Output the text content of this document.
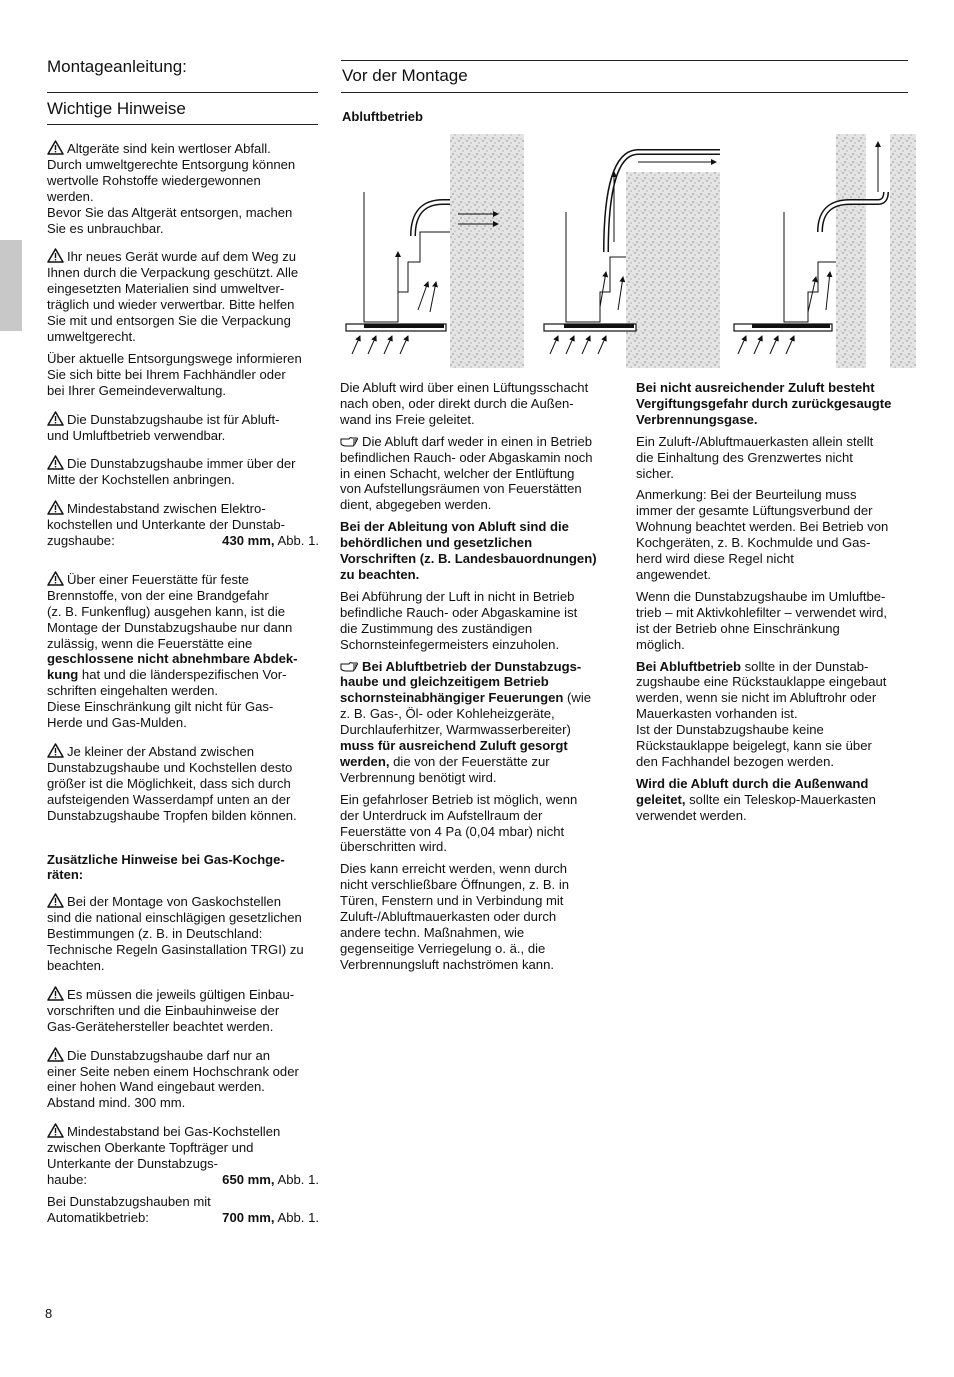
Montageanleitung:
Wichtige Hinweise

Altgeräte sind kein wertloser Abfall.
Durch umweltgerechte Entsorgung können
wertvolle Rohstoffe wiedergewonnen
werden.
Bevor Sie das Altgerät entsorgen, machen
Sie es unbrauchbar.

Ihr neues Gerät wurde auf dem Weg zu
Ihnen durch die Verpackung geschützt. Alle
eingesetzten Materialien sind umweltver-
träglich und wieder verwertbar. Bitte helfen
Sie mit und entsorgen Sie die Verpackung
umweltgerecht.

Über aktuelle Entsorgungswege informieren
Sie sich bitte bei Ihrem Fachhändler oder
bei Ihrer Gemeindeverwaltung.

Die Dunstabzugshaube ist für Abluft-
und Umluftbetrieb verwendbar.

Die Dunstabzugshaube immer über der
Mitte der Kochstellen anbringen.

Mindestabstand zwischen Elektro-
kochstellen und Unterkante der Dunstab-

zugshaube:	430 mm, Abb. 1.

Über einer Feuerstätte für feste
Brennstoffe, von der eine Brandgefahr
(z. B. Funkenflug) ausgehen kann, ist die
Montage der Dunstabzugshaube nur dann
zulässig, wenn die Feuerstätte eine
geschlossene nicht abnehmbare Abdek-
kung hat und die länderspezifischen Vor-
schriften eingehalten werden.
Diese Einschränkung gilt nicht für Gas-
Herde und Gas-Mulden.

Je kleiner der Abstand zwischen
Dunstabzugshaube und Kochstellen desto
größer ist die Möglichkeit, dass sich durch
aufsteigenden Wasserdampf unten an der
Dunstabzugshaube Tropfen bilden können.

Zusätzliche Hinweise bei Gas-Kochge-
räten:

Bei der Montage von Gaskochstellen
sind die national einschlägigen gesetzlichen
Bestimmungen (z. B. in Deutschland:
Technische Regeln Gasinstallation TRGI) zu
beachten.

Es müssen die jeweils gültigen Einbau-
vorschriften und die Einbauhinweise der
Gas-Gerätehersteller beachtet werden.

Die Dunstabzugshaube darf nur an
einer Seite neben einem Hochschrank oder
einer hohen Wand eingebaut werden.
Abstand mind. 300 mm.

Mindestabstand bei Gas-Kochstellen
zwischen Oberkante Topfträger und
Unterkante der Dunstabzugs-

haube:	650 mm, Abb. 1.

Bei Dunstabzugshauben mit

Automatikbetrieb:	700 mm, Abb. 1.

Vor der Montage
Abluftbetrieb

Die Abluft wird über einen Lüftungsschacht
nach oben, oder direkt durch die Außen-
wand ins Freie geleitet.

Die Abluft darf weder in einen in Betrieb
befindlichen Rauch- oder Abgaskamin noch
in einen Schacht, welcher der Entlüftung
von Aufstellungsräumen von Feuerstätten
dient, abgegeben werden.

Bei der Ableitung von Abluft sind die
behördlichen und gesetzlichen
Vorschriften (z. B. Landesbauordnungen)
zu beachten.

Bei Abführung der Luft in nicht in Betrieb
befindliche Rauch- oder Abgaskamine ist
die Zustimmung des zuständigen
Schornsteinfegermeisters einzuholen.

Bei Abluftbetrieb der Dunstabzugs-
haube und gleichzeitigem Betrieb
schornsteinabhängiger Feuerungen (wie
z. B. Gas-, Öl- oder Kohleheizgeräte,
Durchlauferhitzer, Warmwasserbereiter)
muss für ausreichend Zuluft gesorgt
werden, die von der Feuerstätte zur
Verbrennung benötigt wird.

Ein gefahrloser Betrieb ist möglich, wenn
der Unterdruck im Aufstellraum der
Feuerstätte von 4 Pa (0,04 mbar) nicht
überschritten wird.

Dies kann erreicht werden, wenn durch
nicht verschließbare Öffnungen, z. B. in
Türen, Fenstern und in Verbindung mit
Zuluft-/Abluftmauerkasten oder durch
andere techn. Maßnahmen, wie
gegenseitige Verriegelung o. ä., die
Verbrennungsluft nachströmen kann.

Bei nicht ausreichender Zuluft besteht
Vergiftungsgefahr durch zurückgesaugte
Verbrennungsgase.

Ein Zuluft-/Abluftmauerkasten allein stellt
die Einhaltung des Grenzwertes nicht
sicher.

Anmerkung: Bei der Beurteilung muss
immer der gesamte Lüftungsverbund der
Wohnung beachtet werden. Bei Betrieb von
Kochgeräten, z. B. Kochmulde und Gas-
herd wird diese Regel nicht
angewendet.

Wenn die Dunstabzugshaube im Umluftbe-
trieb – mit Aktivkohlefilter – verwendet wird,
ist der Betrieb ohne Einschränkung
möglich.

Bei Abluftbetrieb sollte in der Dunstab-
zugshaube eine Rückstauklappe eingebaut
werden, wenn sie nicht im Abluftrohr oder
Mauerkasten vorhanden ist.
Ist der Dunstabzugshaube keine
Rückstauklappe beigelegt, kann sie über
den Fachhandel bezogen werden.

Wird die Abluft durch die Außenwand
geleitet, sollte ein Teleskop-Mauerkasten
verwendet werden.

8
